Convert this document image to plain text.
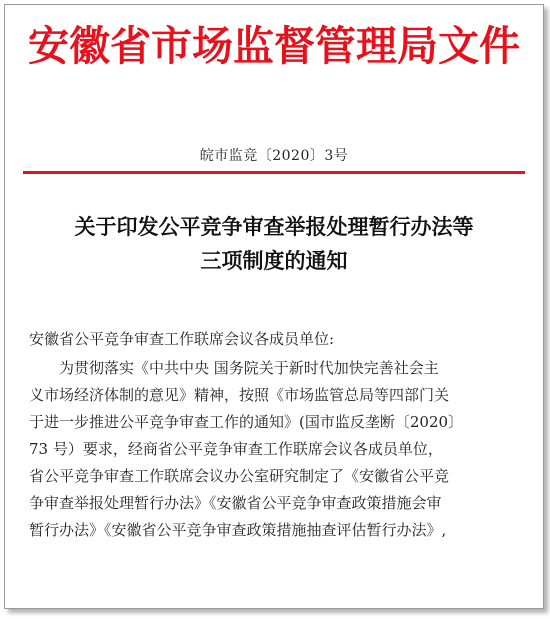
安徽省市场监督管理局文件
皖市监竞〔2020〕3号
关于印发公平竞争审查举报处理暂行办法等
三项制度的通知
安徽省公平竞争审查工作联席会议各成员单位:
为贯彻落实《中共中央 国务院关于新时代加快完善社会主
义市场经济体制的意见》精神，按照《市场监管总局等四部门关
于进一步推进公平竞争审查工作的通知》(国市监反垄断〔2020〕
73 号）要求，经商省公平竞争审查工作联席会议各成员单位，
省公平竞争审查工作联席会议办公室研究制定了《安徽省公平竞
争审查举报处理暂行办法》《安徽省公平竞争审查政策措施会审
暂行办法》《安徽省公平竞争审查政策措施抽查评估暂行办法》,
